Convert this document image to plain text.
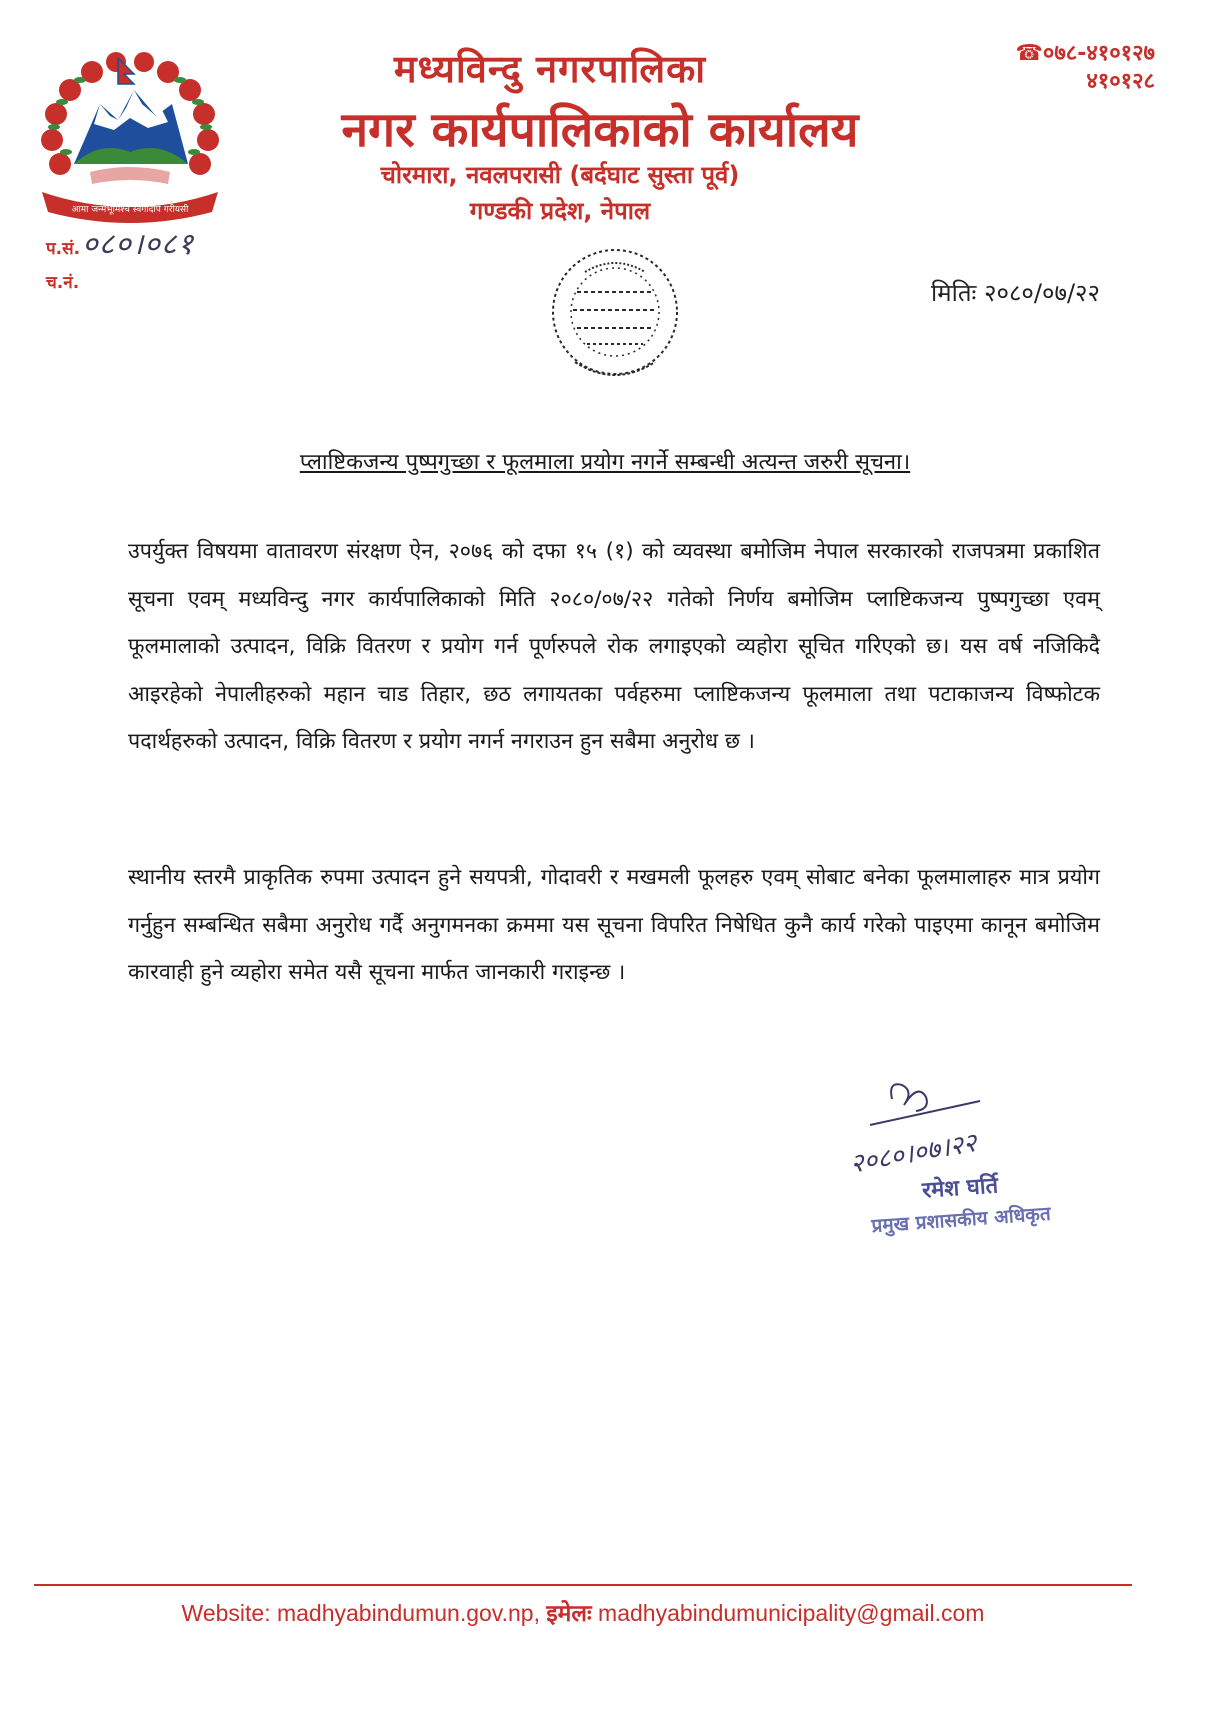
आमा जन्मभूमिश्च स्वर्गादपि गरीयसी
मध्यविन्दु नगरपालिका
नगर कार्यपालिकाको कार्यालय
चोरमारा, नवलपरासी (बर्दघाट सुस्ता पूर्व)
गण्डकी प्रदेश, नेपाल
☎०७८-४१०१२७
४१०१२८
प.सं.०८०।०८१
च.नं.	मितिः २०८०/०७/२२
प्लाष्टिकजन्य पुष्पगुच्छा र फूलमाला प्रयोग नगर्ने सम्बन्धी अत्यन्त जरुरी सूचना।
उपर्युक्त विषयमा वातावरण संरक्षण ऐन, २०७६ को दफा १५ (१) को व्यवस्था बमोजिम नेपाल सरकारको राजपत्रमा प्रकाशित सूचना एवम् मध्यविन्दु नगर कार्यपालिकाको मिति २०८०/०७/२२ गतेको निर्णय बमोजिम प्लाष्टिकजन्य पुष्पगुच्छा एवम् फूलमालाको उत्पादन, विक्रि वितरण र प्रयोग गर्न पूर्णरुपले रोक लगाइएको व्यहोरा सूचित गरिएको छ। यस वर्ष नजिकिदै आइरहेको नेपालीहरुको महान चाड तिहार, छठ लगायतका पर्वहरुमा प्लाष्टिकजन्य फूलमाला तथा पटाकाजन्य विष्फोटक पदार्थहरुको उत्पादन, विक्रि वितरण र प्रयोग नगर्न नगराउन हुन सबैमा अनुरोध छ ।
स्थानीय स्तरमै प्राकृतिक रुपमा उत्पादन हुने सयपत्री, गोदावरी र मखमली फूलहरु एवम् सोबाट बनेका फूलमालाहरु मात्र प्रयोग गर्नुहुन सम्बन्धित सबैमा अनुरोध गर्दै अनुगमनका क्रममा यस सूचना विपरित निषेधित कुनै कार्य गरेको पाइएमा कानून बमोजिम कारवाही हुने व्यहोरा समेत यसै सूचना मार्फत जानकारी गराइन्छ ।
२०८०।०७।२२
रमेश घर्ति
प्रमुख प्रशासकीय अधिकृत
Website: madhyabindumun.gov.np, इमेलः madhyabindumunicipality@gmail.com
